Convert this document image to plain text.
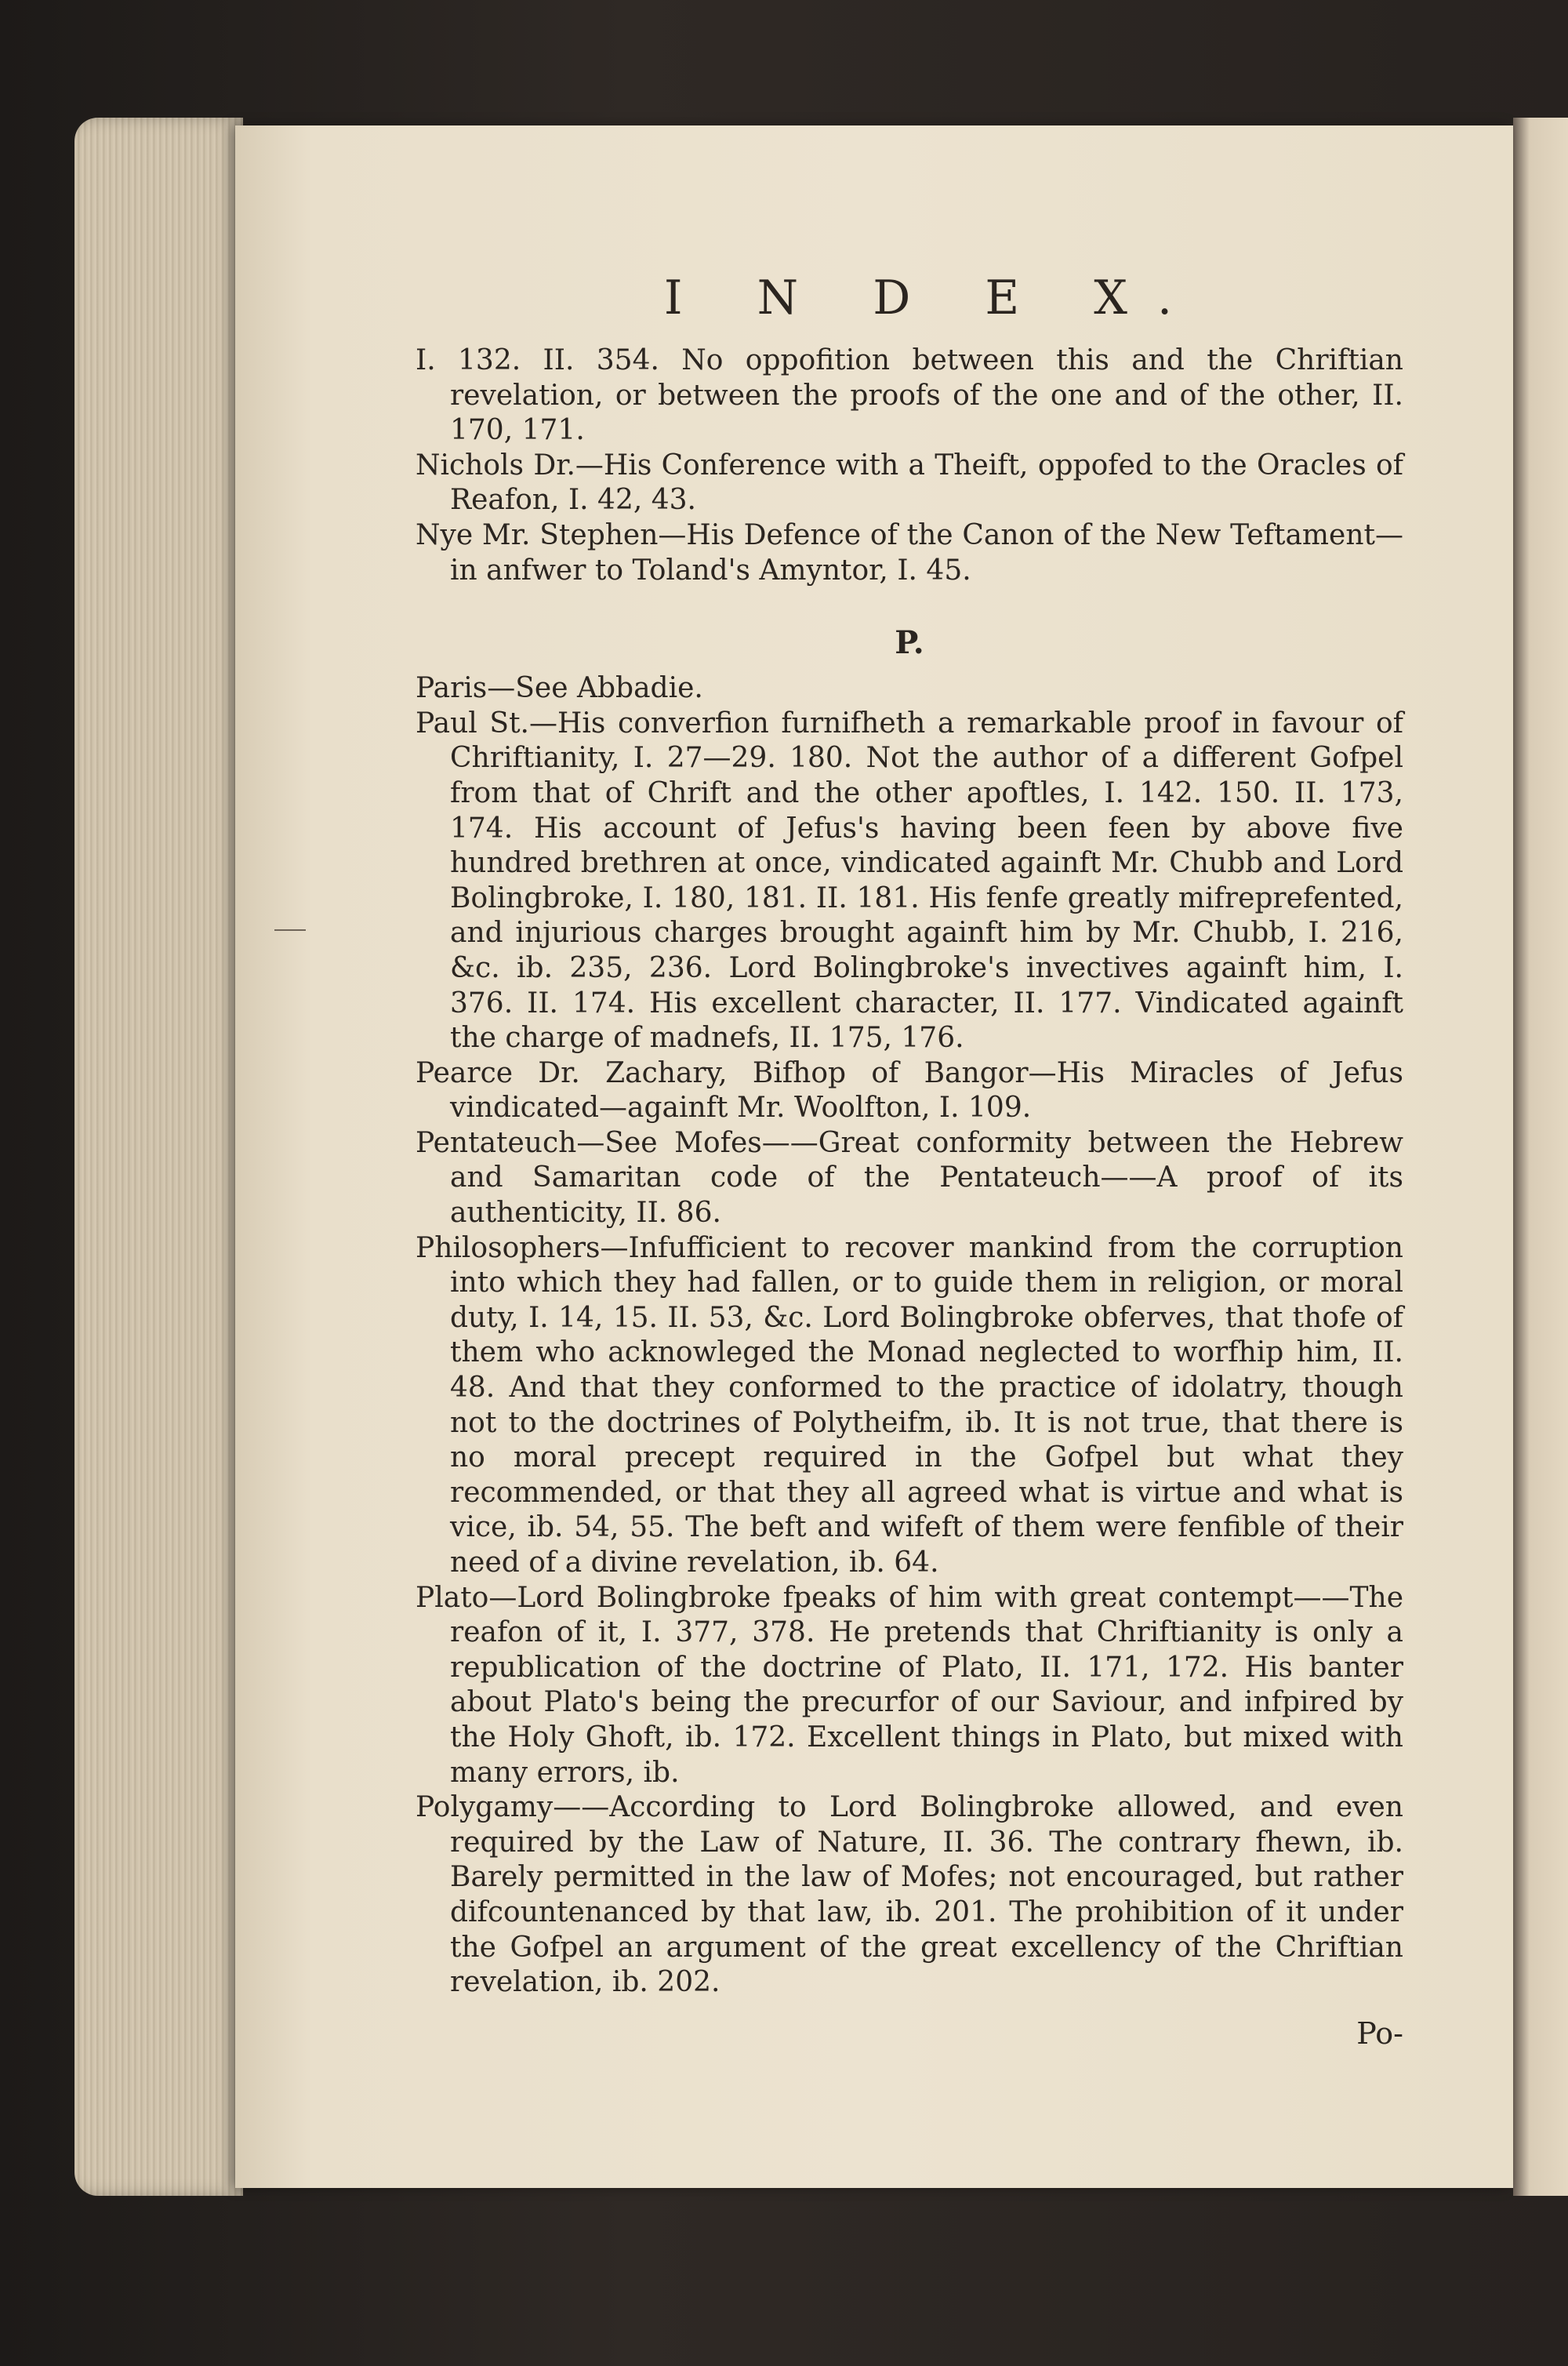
I N D E X.

I. 132. II. 354. No oppofition between this and the Chriftian revelation, or between the proofs of the one and of the other, II. 170, 171.

Nichols Dr.—His Conference with a Theift, oppofed to the Oracles of Reafon, I. 42, 43.

Nye Mr. Stephen—His Defence of the Canon of the New Teftament—in anfwer to Toland's Amyntor, I. 45.

P.

Paris—See Abbadie.

Paul St.—His converfion furnifheth a remarkable proof in favour of Chriftianity, I. 27—29. 180. Not the author of a different Gofpel from that of Chrift and the other apoftles, I. 142. 150. II. 173, 174. His account of Jefus's having been feen by above five hundred brethren at once, vindicated againft Mr. Chubb and Lord Bolingbroke, I. 180, 181. II. 181. His fenfe greatly mifreprefented, and injurious charges brought againft him by Mr. Chubb, I. 216, &c. ib. 235, 236. Lord Bolingbroke's invectives againft him, I. 376. II. 174. His excellent character, II. 177. Vindicated againft the charge of madnefs, II. 175, 176.

Pearce Dr. Zachary, Bifhop of Bangor—His Miracles of Jefus vindicated—againft Mr. Woolfton, I. 109.

Pentateuch—See Mofes——Great conformity between the Hebrew and Samaritan code of the Pentateuch——A proof of its authenticity, II. 86.

Philosophers—Infufficient to recover mankind from the corruption into which they had fallen, or to guide them in religion, or moral duty, I. 14, 15. II. 53, &c. Lord Bolingbroke obferves, that thofe of them who acknowleged the Monad neglected to worfhip him, II. 48. And that they conformed to the practice of idolatry, though not to the doctrines of Polytheifm, ib. It is not true, that there is no moral precept required in the Gofpel but what they recommended, or that they all agreed what is virtue and what is vice, ib. 54, 55. The beft and wifeft of them were fenfible of their need of a divine revelation, ib. 64.

Plato—Lord Bolingbroke fpeaks of him with great contempt——The reafon of it, I. 377, 378. He pretends that Chriftianity is only a republication of the doctrine of Plato, II. 171, 172. His banter about Plato's being the precurfor of our Saviour, and infpired by the Holy Ghoft, ib. 172. Excellent things in Plato, but mixed with many errors, ib.

Polygamy——According to Lord Bolingbroke allowed, and even required by the Law of Nature, II. 36. The contrary fhewn, ib. Barely permitted in the law of Mofes; not encouraged, but rather difcountenanced by that law, ib. 201. The prohibition of it under the Gofpel an argument of the great excellency of the Chriftian revelation, ib. 202.

Po-
